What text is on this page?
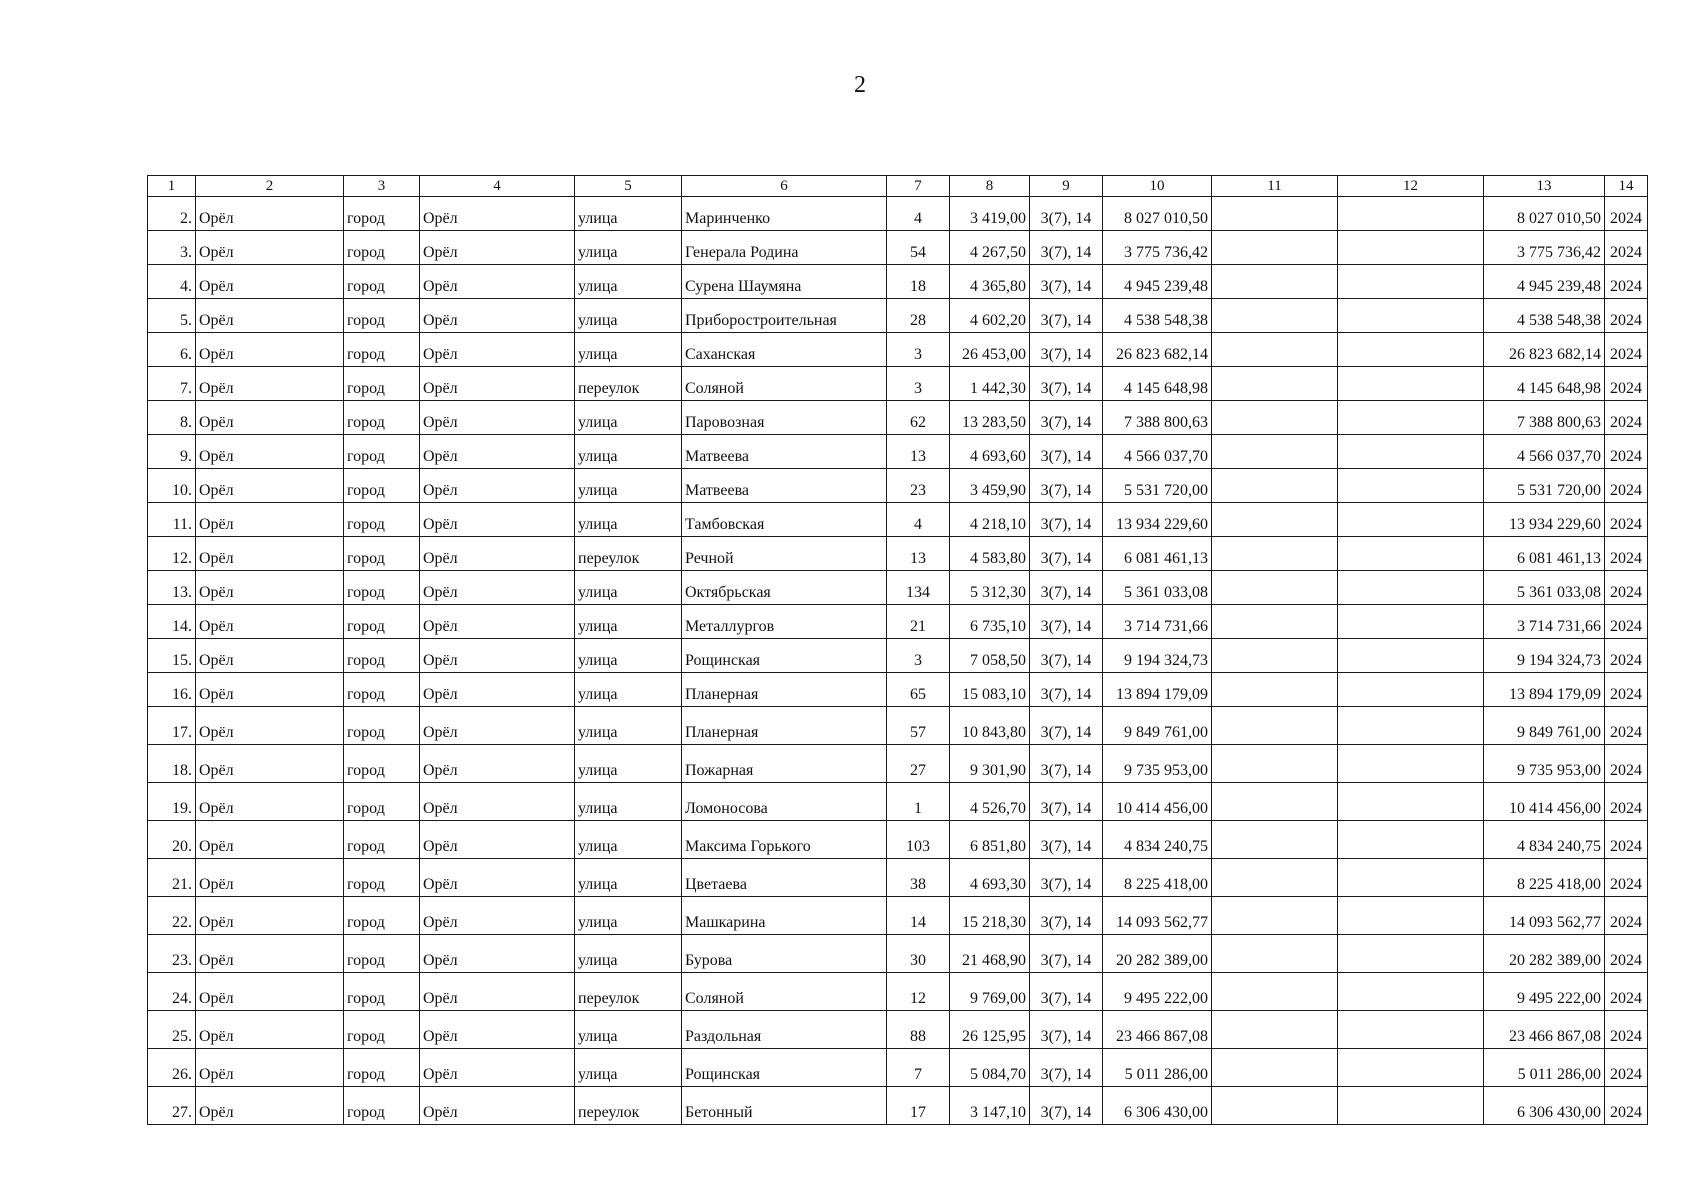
2
1	2	3	4	5	6	7	8	9	10	11	12	13	14
2.	Орёл	город	Орёл	улица	Маринченко	4	3 419,00	3(7), 14	8 027 010,50			8 027 010,50	2024
3.	Орёл	город	Орёл	улица	Генерала Родина	54	4 267,50	3(7), 14	3 775 736,42			3 775 736,42	2024
4.	Орёл	город	Орёл	улица	Сурена Шаумяна	18	4 365,80	3(7), 14	4 945 239,48			4 945 239,48	2024
5.	Орёл	город	Орёл	улица	Приборостроительная	28	4 602,20	3(7), 14	4 538 548,38			4 538 548,38	2024
6.	Орёл	город	Орёл	улица	Саханская	3	26 453,00	3(7), 14	26 823 682,14			26 823 682,14	2024
7.	Орёл	город	Орёл	переулок	Соляной	3	1 442,30	3(7), 14	4 145 648,98			4 145 648,98	2024
8.	Орёл	город	Орёл	улица	Паровозная	62	13 283,50	3(7), 14	7 388 800,63			7 388 800,63	2024
9.	Орёл	город	Орёл	улица	Матвеева	13	4 693,60	3(7), 14	4 566 037,70			4 566 037,70	2024
10.	Орёл	город	Орёл	улица	Матвеева	23	3 459,90	3(7), 14	5 531 720,00			5 531 720,00	2024
11.	Орёл	город	Орёл	улица	Тамбовская	4	4 218,10	3(7), 14	13 934 229,60			13 934 229,60	2024
12.	Орёл	город	Орёл	переулок	Речной	13	4 583,80	3(7), 14	6 081 461,13			6 081 461,13	2024
13.	Орёл	город	Орёл	улица	Октябрьская	134	5 312,30	3(7), 14	5 361 033,08			5 361 033,08	2024
14.	Орёл	город	Орёл	улица	Металлургов	21	6 735,10	3(7), 14	3 714 731,66			3 714 731,66	2024
15.	Орёл	город	Орёл	улица	Рощинская	3	7 058,50	3(7), 14	9 194 324,73			9 194 324,73	2024
16.	Орёл	город	Орёл	улица	Планерная	65	15 083,10	3(7), 14	13 894 179,09			13 894 179,09	2024
17.	Орёл	город	Орёл	улица	Планерная	57	10 843,80	3(7), 14	9 849 761,00			9 849 761,00	2024
18.	Орёл	город	Орёл	улица	Пожарная	27	9 301,90	3(7), 14	9 735 953,00			9 735 953,00	2024
19.	Орёл	город	Орёл	улица	Ломоносова	1	4 526,70	3(7), 14	10 414 456,00			10 414 456,00	2024
20.	Орёл	город	Орёл	улица	Максима Горького	103	6 851,80	3(7), 14	4 834 240,75			4 834 240,75	2024
21.	Орёл	город	Орёл	улица	Цветаева	38	4 693,30	3(7), 14	8 225 418,00			8 225 418,00	2024
22.	Орёл	город	Орёл	улица	Машкарина	14	15 218,30	3(7), 14	14 093 562,77			14 093 562,77	2024
23.	Орёл	город	Орёл	улица	Бурова	30	21 468,90	3(7), 14	20 282 389,00			20 282 389,00	2024
24.	Орёл	город	Орёл	переулок	Соляной	12	9 769,00	3(7), 14	9 495 222,00			9 495 222,00	2024
25.	Орёл	город	Орёл	улица	Раздольная	88	26 125,95	3(7), 14	23 466 867,08			23 466 867,08	2024
26.	Орёл	город	Орёл	улица	Рощинская	7	5 084,70	3(7), 14	5 011 286,00			5 011 286,00	2024
27.	Орёл	город	Орёл	переулок	Бетонный	17	3 147,10	3(7), 14	6 306 430,00			6 306 430,00	2024
